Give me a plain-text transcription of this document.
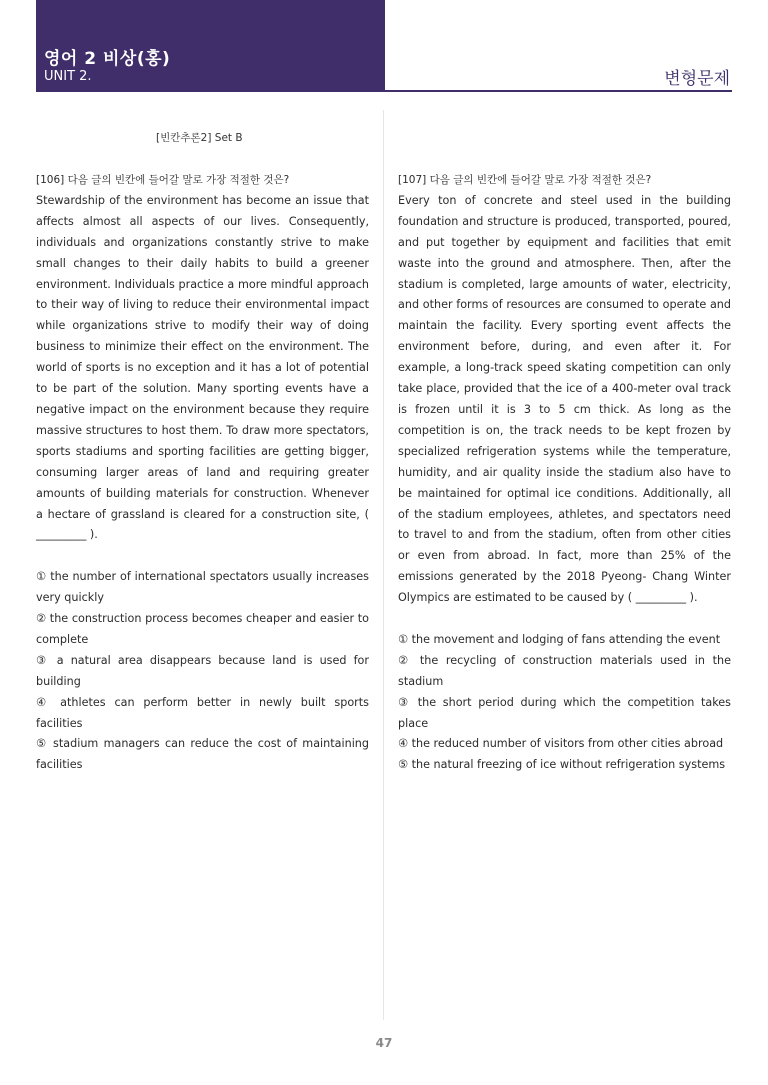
영어 2 비상(홍)
UNIT 2.	변형문제
[빈칸추론2] Set B

[106] 다음 글의 빈칸에 들어갈 말로 가장 적절한 것은?

Stewardship of the environment has become an issue that affects almost all aspects of our lives. Consequently, individuals and organizations constantly strive to make small changes to their daily habits to build a greener environment. Individuals practice a more mindful approach to their way of living to reduce their environmental impact while organizations strive to modify their way of doing business to minimize their effect on the environment. The world of sports is no exception and it has a lot of potential to be part of the solution. Many sporting events have a negative impact on the environment because they require massive structures to host them. To draw more spectators, sports stadiums and sporting facilities are getting bigger, consuming larger areas of land and requiring greater amounts of building materials for construction. Whenever a hectare of grassland is cleared for a construction site, ( _________ ).

① the number of international spectators usually increases very quickly

② the construction process becomes cheaper and easier to complete

③ a natural area disappears because land is used for building

④ athletes can perform better in newly built sports facilities

⑤ stadium managers can reduce the cost of maintaining facilities

[107] 다음 글의 빈칸에 들어갈 말로 가장 적절한 것은?

Every ton of concrete and steel used in the building foundation and structure is produced, transported, poured, and put together by equipment and facilities that emit waste into the ground and atmosphere. Then, after the stadium is completed, large amounts of water, electricity, and other forms of resources are consumed to operate and maintain the facility. Every sporting event affects the environment before, during, and even after it. For example, a long-track speed skating competition can only take place, provided that the ice of a 400-meter oval track is frozen until it is 3 to 5 cm thick. As long as the competition is on, the track needs to be kept frozen by specialized refrigeration systems while the temperature, humidity, and air quality inside the stadium also have to be maintained for optimal ice conditions. Additionally, all of the stadium employees, athletes, and spectators need to travel to and from the stadium, often from other cities or even from abroad. In fact, more than 25% of the emissions generated by the 2018 Pyeong- Chang Winter Olympics are estimated to be caused by ( _________ ).

① the movement and lodging of fans attending the event

② the recycling of construction materials used in the stadium

③ the short period during which the competition takes place

④ the reduced number of visitors from other cities abroad

⑤ the natural freezing of ice without refrigeration systems

47
